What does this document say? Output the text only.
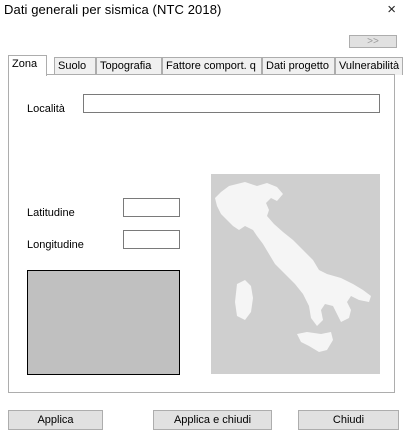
Dati generali per sismica (NTC 2018)	×
>>
Zona	Suolo	Topografia	Fattore comport. q Dati progetto Vulnerabilità
Località
Latitudine
Longitudine
Applica	Applica e chiudi	Chiudi
